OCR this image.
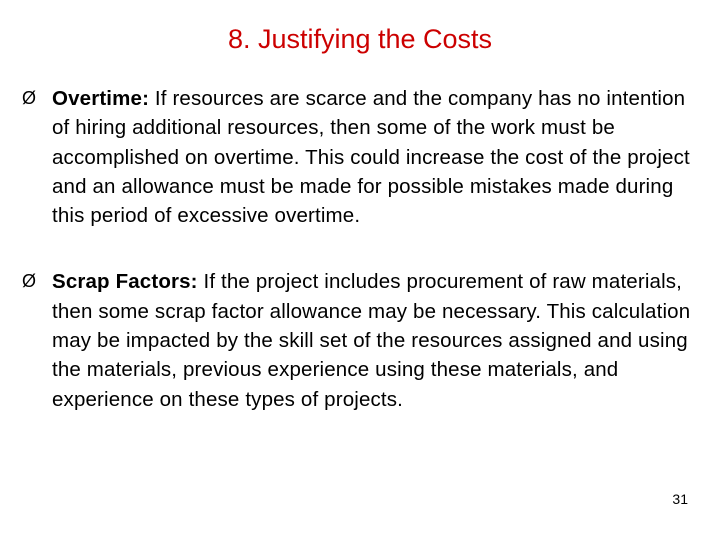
8. Justifying the Costs
Ø Overtime: If resources are scarce and the company has no intention of hiring additional resources, then some of the work must be accomplished on overtime. This could increase the cost of the project and an allowance must be made for possible mistakes made during this period of excessive overtime.
Ø Scrap Factors: If the project includes procurement of raw materials, then some scrap factor allowance may be necessary. This calculation may be impacted by the skill set of the resources assigned and using the materials, previous experience using these materials, and experience on these types of projects.
31
